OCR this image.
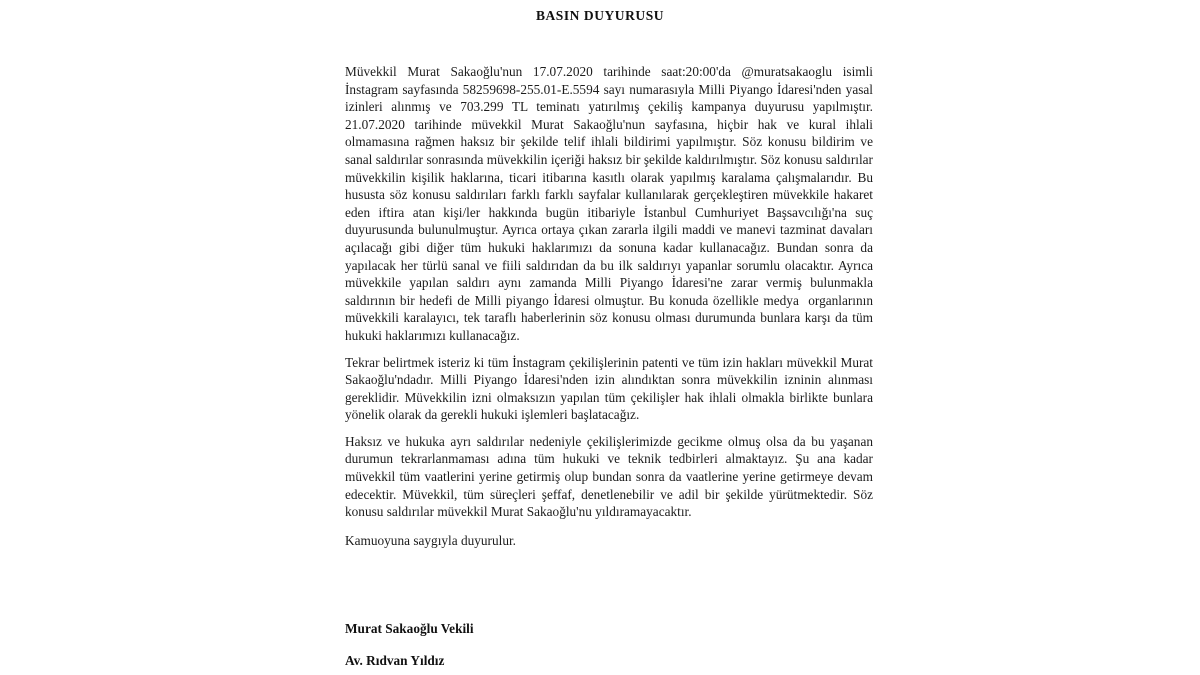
BASIN DUYURUSU

Müvekkil Murat Sakaoğlu'nun 17.07.2020 tarihinde saat:20:00'da @muratsakaoglu isimli İnstagram sayfasında 58259698-255.01-E.5594 sayı numarasıyla Milli Piyango İdaresi'nden yasal izinleri alınmış ve 703.299 TL teminatı yatırılmış çekiliş kampanya duyurusu yapılmıştır. 21.07.2020 tarihinde müvekkil Murat Sakaoğlu'nun sayfasına, hiçbir hak ve kural ihlali olmamasına rağmen haksız bir şekilde telif ihlali bildirimi yapılmıştır. Söz konusu bildirim ve sanal saldırılar sonrasında müvekkilin içeriği haksız bir şekilde kaldırılmıştır. Söz konusu saldırılar müvekkilin kişilik haklarına, ticari itibarına kasıtlı olarak yapılmış karalama çalışmalarıdır. Bu hususta söz konusu saldırıları farklı farklı sayfalar kullanılarak gerçekleştiren müvekkile hakaret eden iftira atan kişi/ler hakkında bugün itibariyle İstanbul Cumhuriyet Başsavcılığı'na suç duyurusunda bulunulmuştur. Ayrıca ortaya çıkan zararla ilgili maddi ve manevi tazminat davaları açılacağı gibi diğer tüm hukuki haklarımızı da sonuna kadar kullanacağız. Bundan sonra da yapılacak her türlü sanal ve fiili saldırıdan da bu ilk saldırıyı yapanlar sorumlu olacaktır. Ayrıca müvekkile yapılan saldırı aynı zamanda Milli Piyango İdaresi'ne zarar vermiş bulunmakla saldırının bir hedefi de Milli piyango İdaresi olmuştur. Bu konuda özellikle medya  organlarının müvekkili karalayıcı, tek taraflı haberlerinin söz konusu olması durumunda bunlara karşı da tüm hukuki haklarımızı kullanacağız.

Tekrar belirtmek isteriz ki tüm İnstagram çekilişlerinin patenti ve tüm izin hakları müvekkil Murat Sakaoğlu'ndadır. Milli Piyango İdaresi'nden izin alındıktan sonra müvekkilin izninin alınması gereklidir. Müvekkilin izni olmaksızın yapılan tüm çekilişler hak ihlali olmakla birlikte bunlara yönelik olarak da gerekli hukuki işlemleri başlatacağız.

Haksız ve hukuka ayrı saldırılar nedeniyle çekilişlerimizde gecikme olmuş olsa da bu yaşanan durumun tekrarlanmaması adına tüm hukuki ve teknik tedbirleri almaktayız. Şu ana kadar müvekkil tüm vaatlerini yerine getirmiş olup bundan sonra da vaatlerine yerine getirmeye devam edecektir. Müvekkil, tüm süreçleri şeffaf, denetlenebilir ve adil bir şekilde yürütmektedir. Söz konusu saldırılar müvekkil Murat Sakaoğlu'nu yıldıramayacaktır.

Kamuoyuna saygıyla duyurulur.

Murat Sakaoğlu Vekili

Av. Rıdvan Yıldız
